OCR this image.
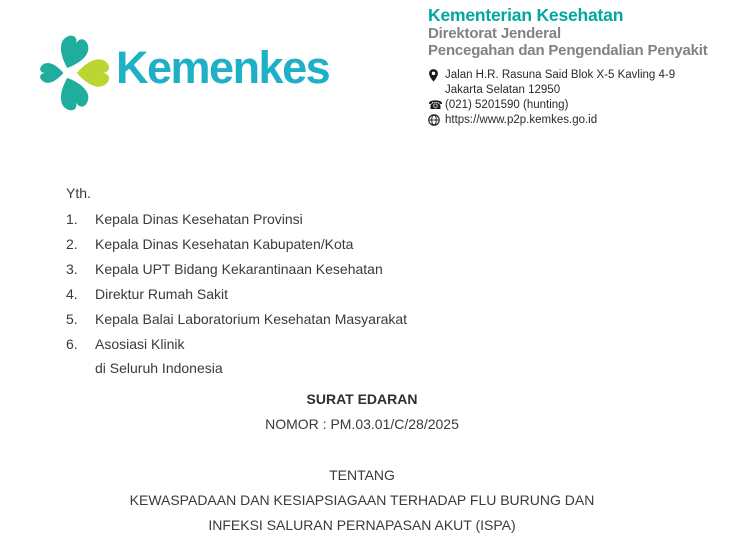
Kemenkes
Kementerian Kesehatan
Direktorat Jenderal
Pencegahan dan Pengendalian Penyakit
Jalan H.R. Rasuna Said Blok X-5 Kavling 4-9
Jakarta Selatan 12950
☎ (021) 5201590 (hunting)
https://www.p2p.kemkes.go.id
Yth.
1. Kepala Dinas Kesehatan Provinsi
2. Kepala Dinas Kesehatan Kabupaten/Kota
3. Kepala UPT Bidang Kekarantinaan Kesehatan
4. Direktur Rumah Sakit
5. Kepala Balai Laboratorium Kesehatan Masyarakat
6. Asosiasi Klinik
di Seluruh Indonesia
SURAT EDARAN
NOMOR : PM.03.01/C/28/2025
TENTANG
KEWASPADAAN DAN KESIAPSIAGAAN TERHADAP FLU BURUNG DAN
INFEKSI SALURAN PERNAPASAN AKUT (ISPA)
